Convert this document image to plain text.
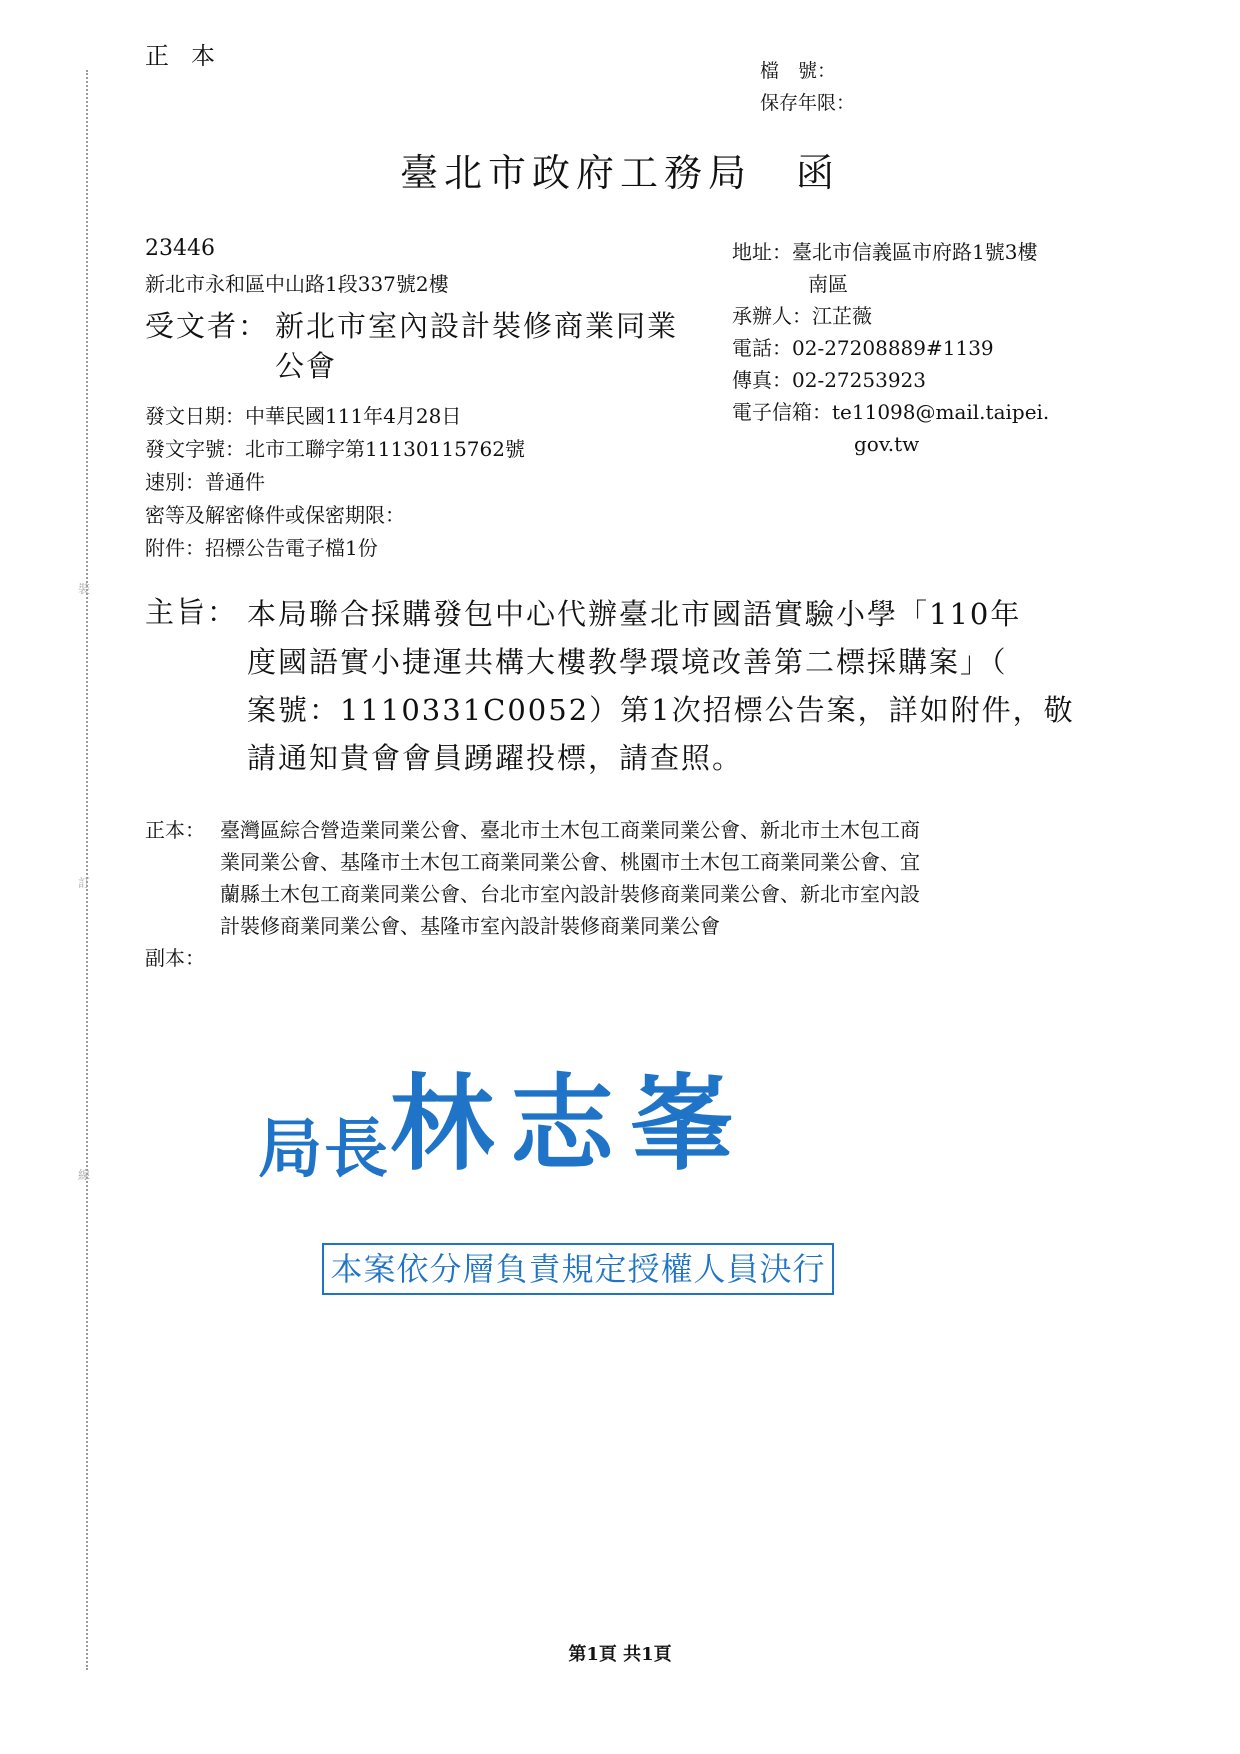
裝
訂
線
正本
檔　號：
保存年限：
臺北市政府工務局　函
23446
新北市永和區中山路1段337號2樓
受文者： 新北市室內設計裝修商業同業
公會
地址：臺北市信義區市府路1號3樓
南區
承辦人：江芷薇
電話：02-27208889#1139
傳真：02-27253923
電子信箱：te11098@mail.taipei.
gov.tw
發文日期：中華民國111年4月28日
發文字號：北市工聯字第11130115762號
速別：普通件
密等及解密條件或保密期限：
附件：招標公告電子檔1份
主旨： 本局聯合採購發包中心代辦臺北市國語實驗小學「110年
度國語實小捷運共構大樓教學環境改善第二標採購案」（
案號：1110331C0052）第1次招標公告案，詳如附件，敬
請通知貴會會員踴躍投標，請查照。
正本： 臺灣區綜合營造業同業公會、臺北市土木包工商業同業公會、新北市土木包工商
業同業公會、基隆市土木包工商業同業公會、桃園市土木包工商業同業公會、宜
蘭縣土木包工商業同業公會、台北市室內設計裝修商業同業公會、新北市室內設
計裝修商業同業公會、基隆市室內設計裝修商業同業公會
副本：
局長林志峯
本案依分層負責規定授權人員決行
第1頁 共1頁
